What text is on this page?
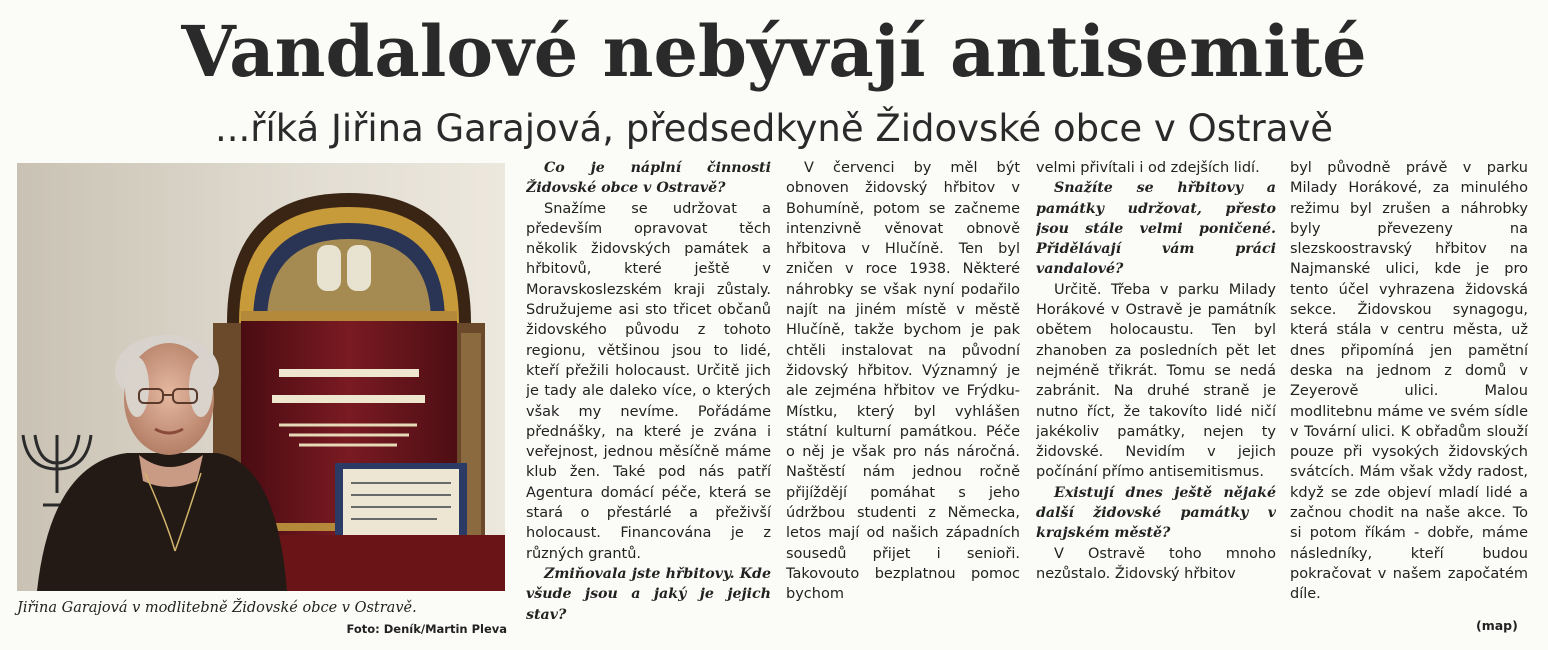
Vandalové nebývají antisemité
...říká Jiřina Garajová, předsedkyně Židovské obce v Ostravě
Jiřina Garajová v modlitebně Židovské obce v Ostravě.
Foto: Deník/Martin Pleva

Co je náplní činnosti Židovské obce v Ostravě?

Snažíme se udržovat a především opravovat těch několik židovských památek a hřbitovů, které ještě v Moravskoslezském kraji zůstaly. Sdružujeme asi sto třicet občanů židovského původu z tohoto regionu, většinou jsou to lidé, kteří přežili holocaust. Určitě jich je tady ale daleko více, o kterých však my nevíme. Pořádáme přednášky, na které je zvána i veřejnost, jednou měsíčně máme klub žen. Také pod nás patří Agentura domácí péče, která se stará o přestárlé a přeživší holocaust. Financována je z různých grantů.

Zmiňovala jste hřbitovy. Kde všude jsou a jaký je jejich stav?

V červenci by měl být obnoven židovský hřbitov v Bohumíně, potom se začneme intenzivně věnovat obnově hřbitova v Hlučíně. Ten byl zničen v roce 1938. Některé náhrobky se však nyní podařilo najít na jiném místě v městě Hlučíně, takže bychom je pak chtěli instalovat na původní židovský hřbitov. Významný je ale zejména hřbitov ve Frýdku-Místku, který byl vyhlášen státní kulturní památkou. Péče o něj je však pro nás náročná. Naštěstí nám jednou ročně přijíždějí pomáhat s jeho údržbou studenti z Německa, letos mají od našich západních sousedů přijet i senioři. Takovouto bezplatnou pomoc bychom

velmi přivítali i od zdejších lidí.

Snažíte se hřbitovy a památky udržovat, přesto jsou stále velmi poničené. Přidělávají vám práci vandalové?

Určitě. Třeba v parku Milady Horákové v Ostravě je památník obětem holocaustu. Ten byl zhanoben za posledních pět let nejméně třikrát. Tomu se nedá zabránit. Na druhé straně je nutno říct, že takovíto lidé ničí jakékoliv památky, nejen ty židovské. Nevidím v jejich počínání přímo antisemitismus.

Existují dnes ještě nějaké další židovské památky v krajském městě?

V Ostravě toho mnoho nezůstalo. Židovský hřbitov

byl původně právě v parku Milady Horákové, za minulého režimu byl zrušen a náhrobky byly převezeny na slezskoostravský hřbitov na Najmanské ulici, kde je pro tento účel vyhrazena židovská sekce. Židovskou synagogu, která stála v centru města, už dnes připomíná jen pamětní deska na jednom z domů v Zeyerově ulici. Malou modlitebnu máme ve svém sídle v Tovární ulici. K obřadům slouží pouze při vysokých židovských svátcích. Mám však vždy radost, když se zde objeví mladí lidé a začnou chodit na naše akce. To si potom říkám - dobře, máme následníky, kteří budou pokračovat v našem započatém díle.

(map)
